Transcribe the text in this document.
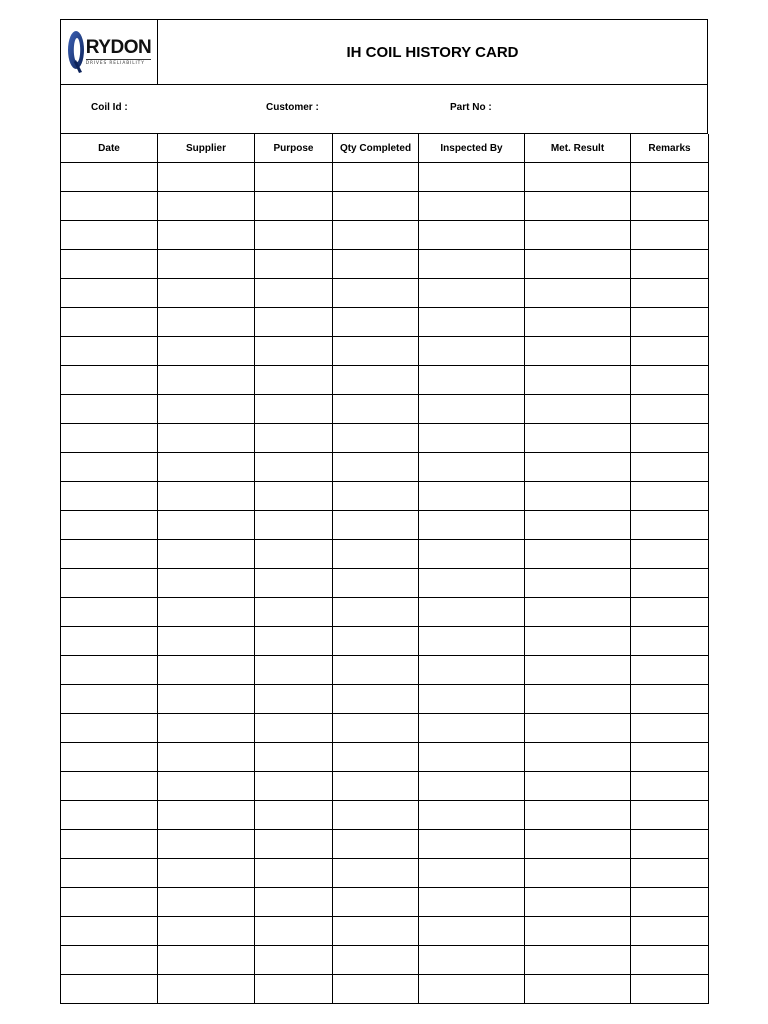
RYDON
DRIVES RELIABILITY
IH COIL HISTORY CARD
Coil Id :	Customer :	Part No :
Date	Supplier	Purpose	Qty Completed	Inspected By	Met. Result	Remarks
